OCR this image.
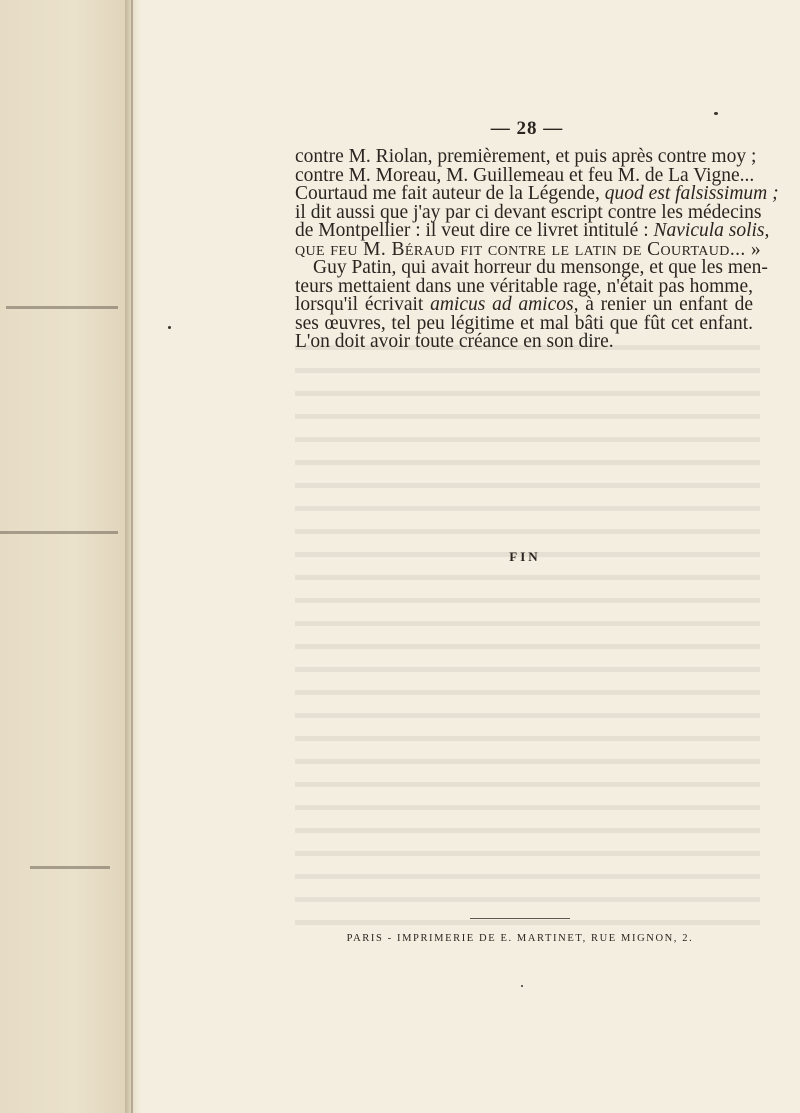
— 28 —
contre M. Riolan, premièrement, et puis après contre moy ;
contre M. Moreau, M. Guillemeau et feu M. de La Vigne...
Courtaud me fait auteur de la Légende, quod est falsissimum ;
il dit aussi que j'ay par ci devant escript contre les médecins
de Montpellier : il veut dire ce livret intitulé : Navicula solis,
que feu M. Béraud fit contre le latin de Courtaud... »
Guy Patin, qui avait horreur du mensonge, et que les men-
teurs mettaient dans une véritable rage, n'était pas homme,
lorsqu'il écrivait amicus ad amicos, à renier un enfant de
ses œuvres, tel peu légitime et mal bâti que fût cet enfant.
L'on doit avoir toute créance en son dire.
FIN
PARIS - IMPRIMERIE DE E. MARTINET, RUE MIGNON, 2.
